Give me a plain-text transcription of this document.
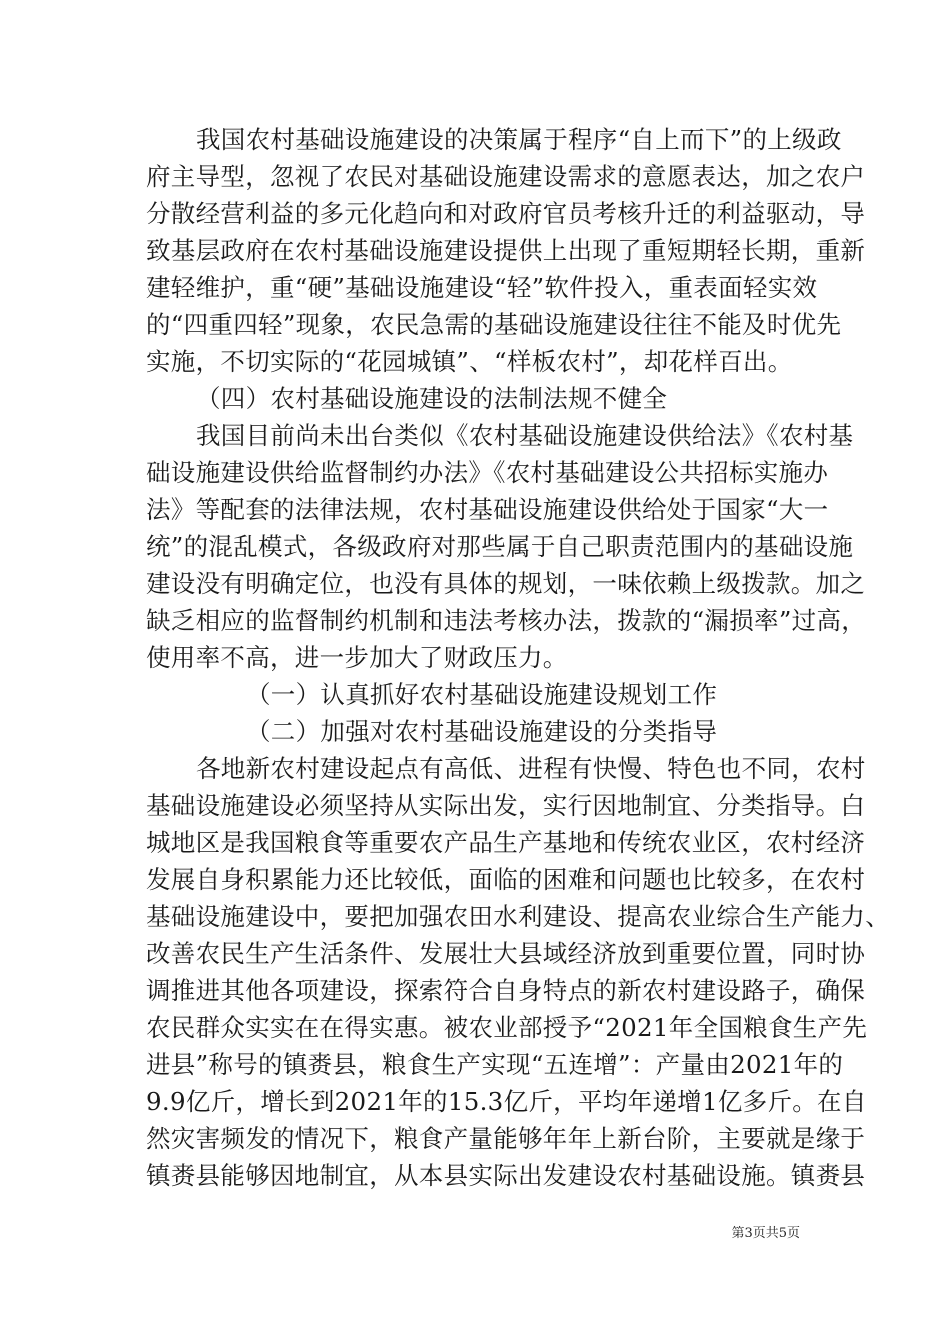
我国农村基础设施建设的决策属于程序“自上而下”的上级政
府主导型，忽视了农民对基础设施建设需求的意愿表达，加之农户
分散经营利益的多元化趋向和对政府官员考核升迁的利益驱动，导
致基层政府在农村基础设施建设提供上出现了重短期轻长期，重新
建轻维护，重“硬”基础设施建设“轻”软件投入，重表面轻实效
的“四重四轻”现象，农民急需的基础设施建设往往不能及时优先
实施，不切实际的“花园城镇”、“样板农村”，却花样百出。
（四）农村基础设施建设的法制法规不健全
我国目前尚未出台类似《农村基础设施建设供给法》《农村基
础设施建设供给监督制约办法》《农村基础建设公共招标实施办
法》等配套的法律法规，农村基础设施建设供给处于国家“大一
统”的混乱模式，各级政府对那些属于自己职责范围内的基础设施
建设没有明确定位，也没有具体的规划，一味依赖上级拨款。加之
缺乏相应的监督制约机制和违法考核办法，拨款的“漏损率”过高，
使用率不高，进一步加大了财政压力。
（一）认真抓好农村基础设施建设规划工作
（二）加强对农村基础设施建设的分类指导
各地新农村建设起点有高低、进程有快慢、特色也不同，农村
基础设施建设必须坚持从实际出发，实行因地制宜、分类指导。白
城地区是我国粮食等重要农产品生产基地和传统农业区，农村经济
发展自身积累能力还比较低，面临的困难和问题也比较多，在农村
基础设施建设中，要把加强农田水利建设、提高农业综合生产能力、
改善农民生产生活条件、发展壮大县域经济放到重要位置，同时协
调推进其他各项建设，探索符合自身特点的新农村建设路子，确保
农民群众实实在在得实惠。被农业部授予“2021年全国粮食生产先
进县”称号的镇赉县，粮食生产实现“五连增”：产量由2021年的
9.9亿斤，增长到2021年的15.3亿斤，平均年递增1亿多斤。在自
然灾害频发的情况下，粮食产量能够年年上新台阶，主要就是缘于
镇赉县能够因地制宜，从本县实际出发建设农村基础设施。镇赉县
第3页共5页
